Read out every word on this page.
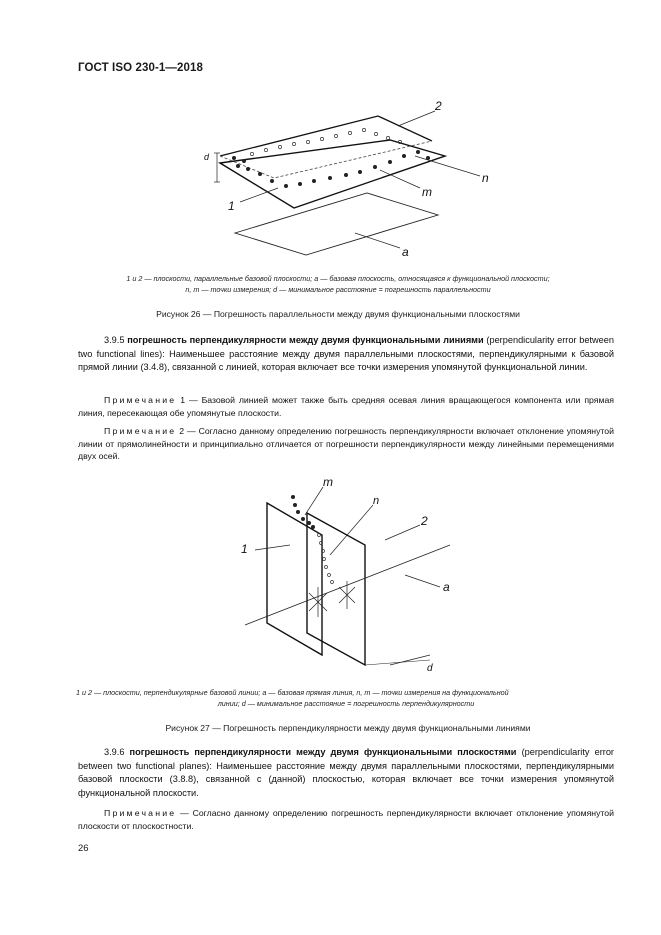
ГОСТ ISO 230-1—2018
2
n
d
m
1
a
1 и 2 — плоскости, параллельные базовой плоскости; a — базовая плоскость, относящаяся к функциональной плоскости;
n, m — точки измерения; d — минимальное расстояние = погрешность параллельности
Рисунок 26 — Погрешность параллельности между двумя функциональными плоскостями
3.9.5 погрешность перпендикулярности между двумя функциональными линиями (perpendicularity error between two functional lines): Наименьшее расстояние между двумя параллельными плоскостями, перпендикулярными к базовой прямой линии (3.4.8), связанной с линией, которая включает все точки измерения упомянутой функциональной линии.
Примечание 1 — Базовой линией может также быть средняя осевая линия вращающегося компонента или прямая линия, пересекающая обе упомянутые плоскости.
Примечание 2 — Согласно данному определению погрешность перпендикулярности включает отклонение упомянутой линии от прямолинейности и принципиально отличается от погрешности перпендикулярности между линейными перемещениями двух осей.
m
n
2
1
a
d
1 и 2 — плоскости, перпендикулярные базовой линии; a — базовая прямая линия, n, m — точки измерения на функциональной
линии; d — минимальное расстояние = погрешность перпендикулярности
Рисунок 27 — Погрешность перпендикулярности между двумя функциональными линиями
3.9.6 погрешность перпендикулярности между двумя функциональными плоскостями (perpendicularity error between two functional planes): Наименьшее расстояние между двумя параллельными плоскостями, перпендикулярными базовой плоскости (3.8.8), связанной с (данной) плоскостью, которая включает все точки измерения упомянутой функциональной плоскости.
Примечание — Согласно данному определению погрешность перпендикулярности включает отклонение упомянутой плоскости от плоскостности.
26
